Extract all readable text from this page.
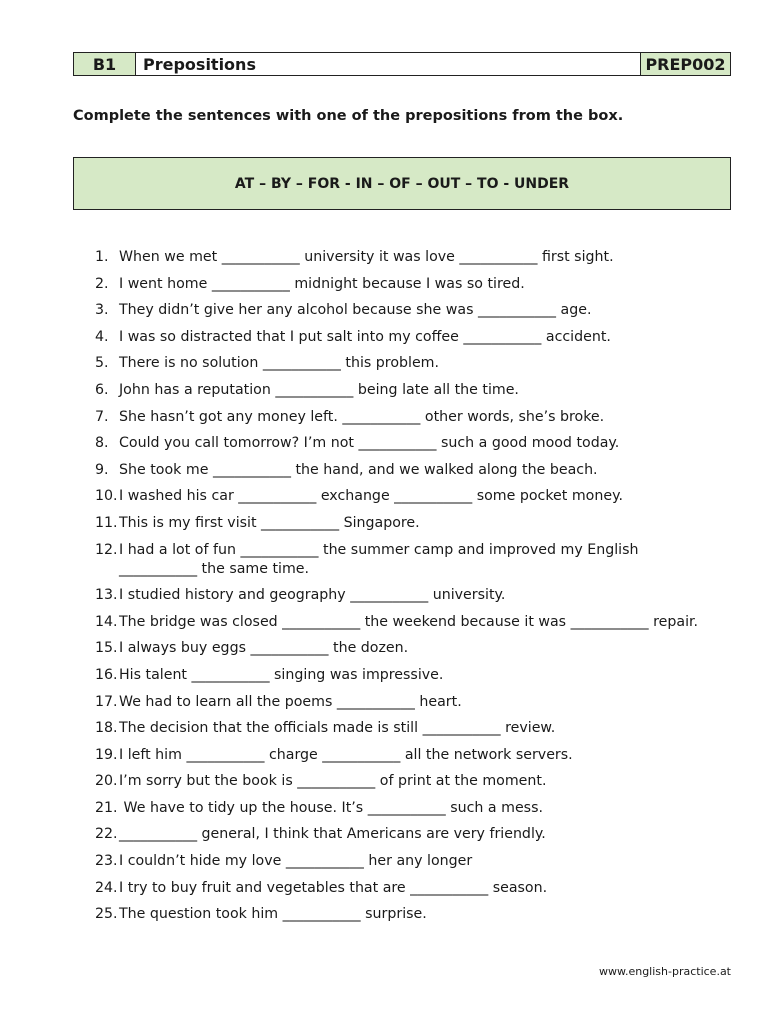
B1	Prepositions	PREP002
Complete the sentences with one of the prepositions from the box.
AT – BY – FOR - IN – OF – OUT – TO - UNDER
1. When we met ___________ university it was love ___________ first sight.
2. I went home ___________ midnight because I was so tired.
3. They didn’t give her any alcohol because she was ___________ age.
4. I was so distracted that I put salt into my coffee ___________ accident.
5. There is no solution ___________ this problem.
6. John has a reputation ___________ being late all the time.
7. She hasn’t got any money left. ___________ other words, she’s broke.
8. Could you call tomorrow? I’m not ___________ such a good mood today.
9. She took me ___________ the hand, and we walked along the beach.
10. I washed his car ___________ exchange ___________ some pocket money.
11. This is my first visit ___________ Singapore.
12. I had a lot of fun ___________ the summer camp and improved my English ___________ the same time.
13. I studied history and geography ___________ university.
14. The bridge was closed ___________ the weekend because it was ___________ repair.
15. I always buy eggs ___________ the dozen.
16. His talent ___________ singing was impressive.
17. We had to learn all the poems ___________ heart.
18. The decision that the officials made is still ___________ review.
19. I left him ___________ charge ___________ all the network servers.
20. I’m sorry but the book is ___________ of print at the moment.
21. We have to tidy up the house. It’s ___________ such a mess.
22. ___________ general, I think that Americans are very friendly.
23. I couldn’t hide my love ___________ her any longer
24. I try to buy fruit and vegetables that are ___________ season.
25. The question took him ___________ surprise.
www.english-practice.at
